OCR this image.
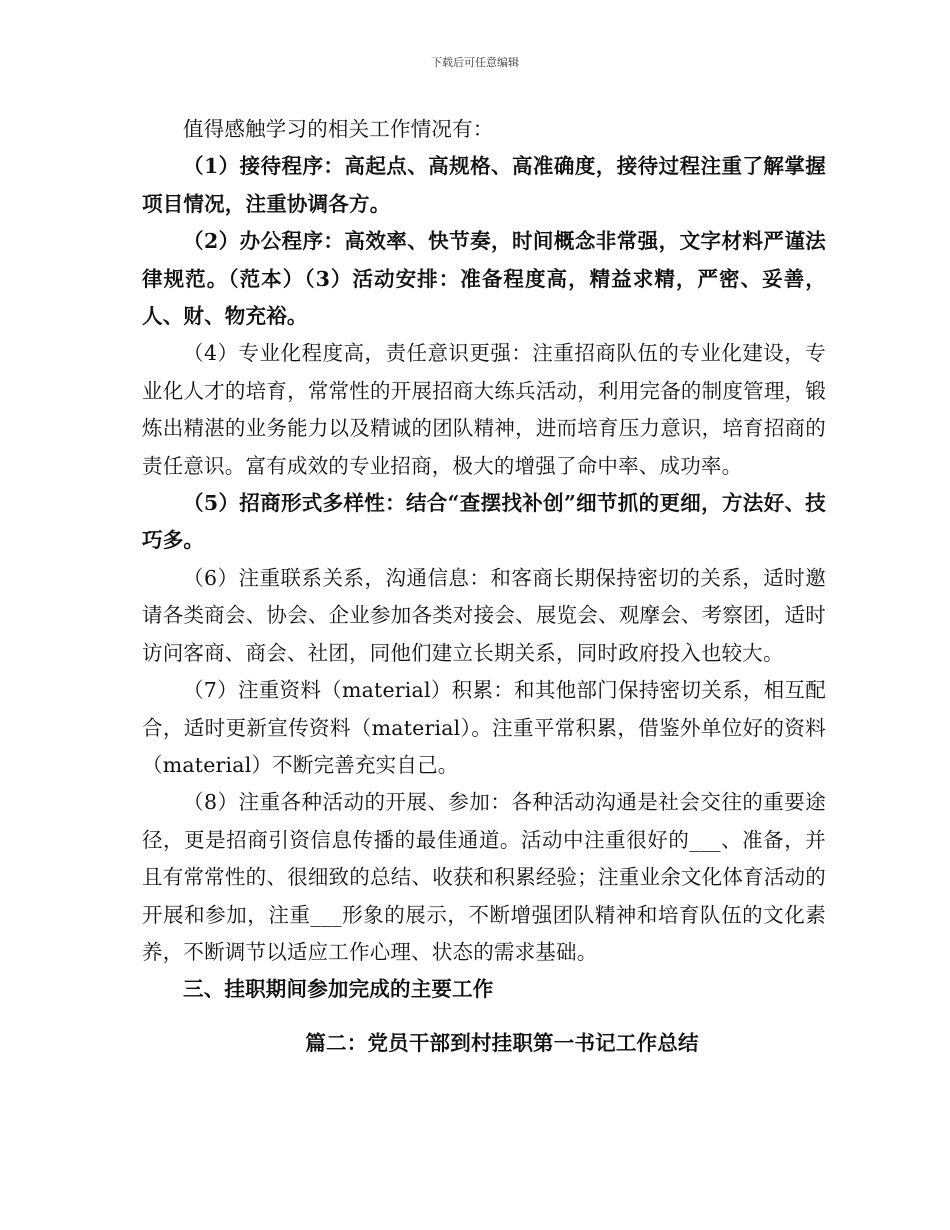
下载后可任意编辑

值得感触学习的相关工作情况有：

（1）接待程序：高起点、高规格、高准确度，接待过程注重了解掌握项目情况，注重协调各方。

（2）办公程序：高效率、快节奏，时间概念非常强，文字材料严谨法律规范。（范本）（3）活动安排：准备程度高，精益求精，严密、妥善，人、财、物充裕。

（4）专业化程度高，责任意识更强：注重招商队伍的专业化建设，专业化人才的培育，常常性的开展招商大练兵活动，利用完备的制度管理，锻炼出精湛的业务能力以及精诚的团队精神，进而培育压力意识，培育招商的责任意识。富有成效的专业招商，极大的增强了命中率、成功率。

（5）招商形式多样性：结合“查摆找补创”细节抓的更细，方法好、技巧多。

（6）注重联系关系，沟通信息：和客商长期保持密切的关系，适时邀请各类商会、协会、企业参加各类对接会、展览会、观摩会、考察团，适时访问客商、商会、社团，同他们建立长期关系，同时政府投入也较大。

（7）注重资料（material）积累：和其他部门保持密切关系，相互配合，适时更新宣传资料（material）。注重平常积累，借鉴外单位好的资料（material）不断完善充实自己。

（8）注重各种活动的开展、参加：各种活动沟通是社会交往的重要途径，更是招商引资信息传播的最佳通道。活动中注重很好的___、准备，并且有常常性的、很细致的总结、收获和积累经验；注重业余文化体育活动的开展和参加，注重___形象的展示，不断增强团队精神和培育队伍的文化素养，不断调节以适应工作心理、状态的需求基础。

三、挂职期间参加完成的主要工作

篇二：党员干部到村挂职第一书记工作总结
